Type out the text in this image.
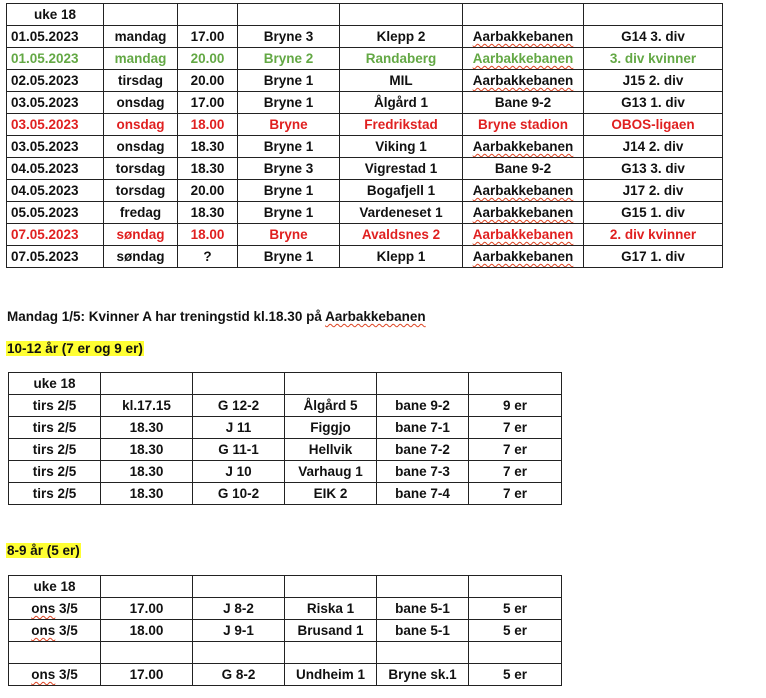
uke 18						
01.05.2023	mandag	17.00	Bryne 3	Klepp 2	Aarbakkebanen	G14 3. div
01.05.2023	mandag	20.00	Bryne 2	Randaberg	Aarbakkebanen	3. div kvinner
02.05.2023	tirsdag	20.00	Bryne 1	MIL	Aarbakkebanen	J15 2. div
03.05.2023	onsdag	17.00	Bryne 1	Ålgård 1	Bane 9-2	G13 1. div
03.05.2023	onsdag	18.00	Bryne	Fredrikstad	Bryne stadion	OBOS-ligaen
03.05.2023	onsdag	18.30	Bryne 1	Viking 1	Aarbakkebanen	J14 2. div
04.05.2023	torsdag	18.30	Bryne 3	Vigrestad 1	Bane 9-2	G13 3. div
04.05.2023	torsdag	20.00	Bryne 1	Bogafjell 1	Aarbakkebanen	J17 2. div
05.05.2023	fredag	18.30	Bryne 1	Vardeneset 1	Aarbakkebanen	G15 1. div
07.05.2023	søndag	18.00	Bryne	Avaldsnes 2	Aarbakkebanen	2. div kvinner
07.05.2023	søndag	?	Bryne 1	Klepp 1	Aarbakkebanen	G17 1. div
Mandag 1/5: Kvinner A har treningstid kl.18.30 på Aarbakkebanen
10-12 år (7 er og 9 er)
uke 18					
tirs 2/5	kl.17.15	G 12-2	Ålgård 5	bane 9-2	9 er
tirs 2/5	18.30	J 11	Figgjo	bane 7-1	7 er
tirs 2/5	18.30	G 11-1	Hellvik	bane 7-2	7 er
tirs 2/5	18.30	J 10	Varhaug 1	bane 7-3	7 er
tirs 2/5	18.30	G 10-2	EIK 2	bane 7-4	7 er
8-9 år (5 er)
uke 18					
ons 3/5	17.00	J 8-2	Riska 1	bane 5-1	5 er
ons 3/5	18.00	J 9-1	Brusand 1	bane 5-1	5 er

ons 3/5	17.00	G 8-2	Undheim 1	Bryne sk.1	5 er
